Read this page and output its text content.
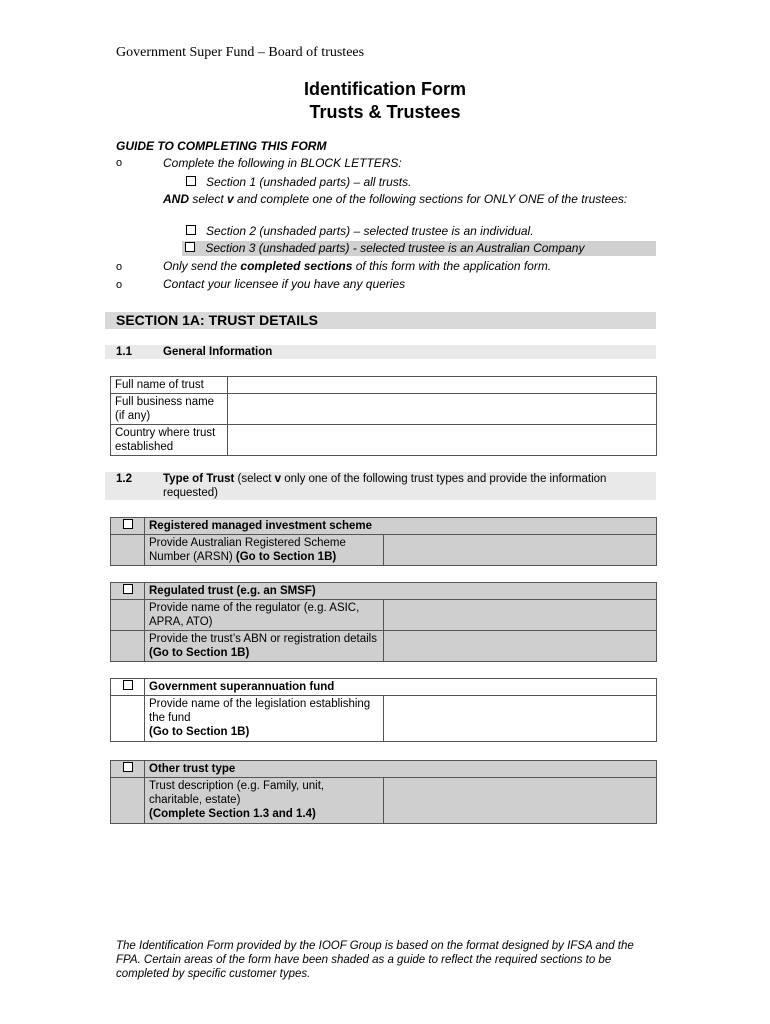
Government Super Fund – Board of trustees
Identification Form
Trusts & Trustees
GUIDE TO COMPLETING THIS FORM
o	Complete the following in BLOCK LETTERS:
Section 1 (unshaded parts) – all trusts.
AND select v and complete one of the following sections for ONLY ONE of the trustees:
Section 2 (unshaded parts) – selected trustee is an individual.
Section 3 (unshaded parts) - selected trustee is an Australian Company
o	Only send the completed sections of this form with the application form.
o	Contact your licensee if you have any queries
SECTION 1A: TRUST DETAILS
1.1	General Information
Full name of trust	
Full business name (if any)	
Country where trust established	
1.2	Type of Trust (select v only one of the following trust types and provide the information requested)
	Registered managed investment scheme	
	Provide Australian Registered Scheme Number (ARSN) (Go to Section 1B)	
	Regulated trust (e.g. an SMSF)	
	Provide name of the regulator (e.g. ASIC, APRA, ATO)	
	Provide the trust’s ABN or registration details (Go to Section 1B)	
	Government superannuation fund	
	Provide name of the legislation establishing the fund
(Go to Section 1B)	
	Other trust type	
	Trust description (e.g. Family, unit, charitable, estate)
(Complete Section 1.3 and 1.4)	
The Identification Form provided by the IOOF Group is based on the format designed by IFSA and the FPA. Certain areas of the form have been shaded as a guide to reflect the required sections to be completed by specific customer types.
